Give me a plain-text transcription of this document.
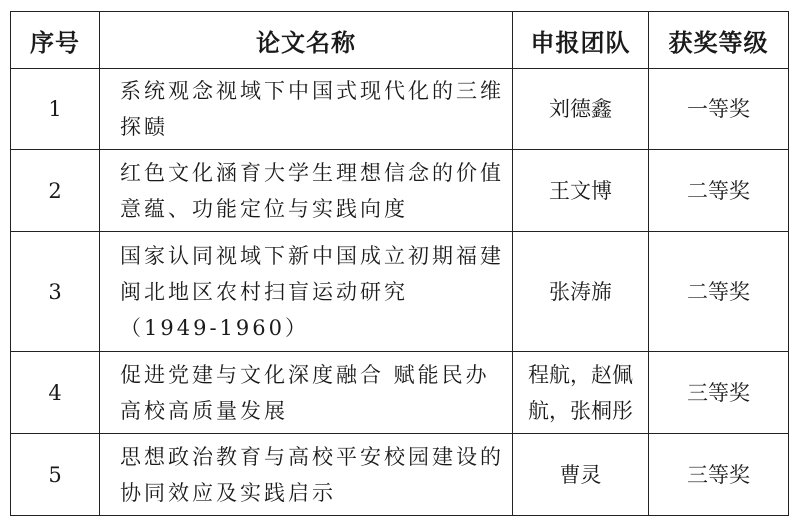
序号	论文名称	申报团队	获奖等级
1	系统观念视域下中国式现代化的三维探赜	刘德鑫	一等奖
2	红色文化涵育大学生理想信念的价值意蕴、功能定位与实践向度	王文博	二等奖
3	国家认同视域下新中国成立初期福建闽北地区农村扫盲运动研究（1949-1960）	张涛旆	二等奖
4	促进党建与文化深度融合 赋能民办高校高质量发展	程航，赵佩航，张桐彤	三等奖
5	思想政治教育与高校平安校园建设的协同效应及实践启示	曹灵	三等奖
